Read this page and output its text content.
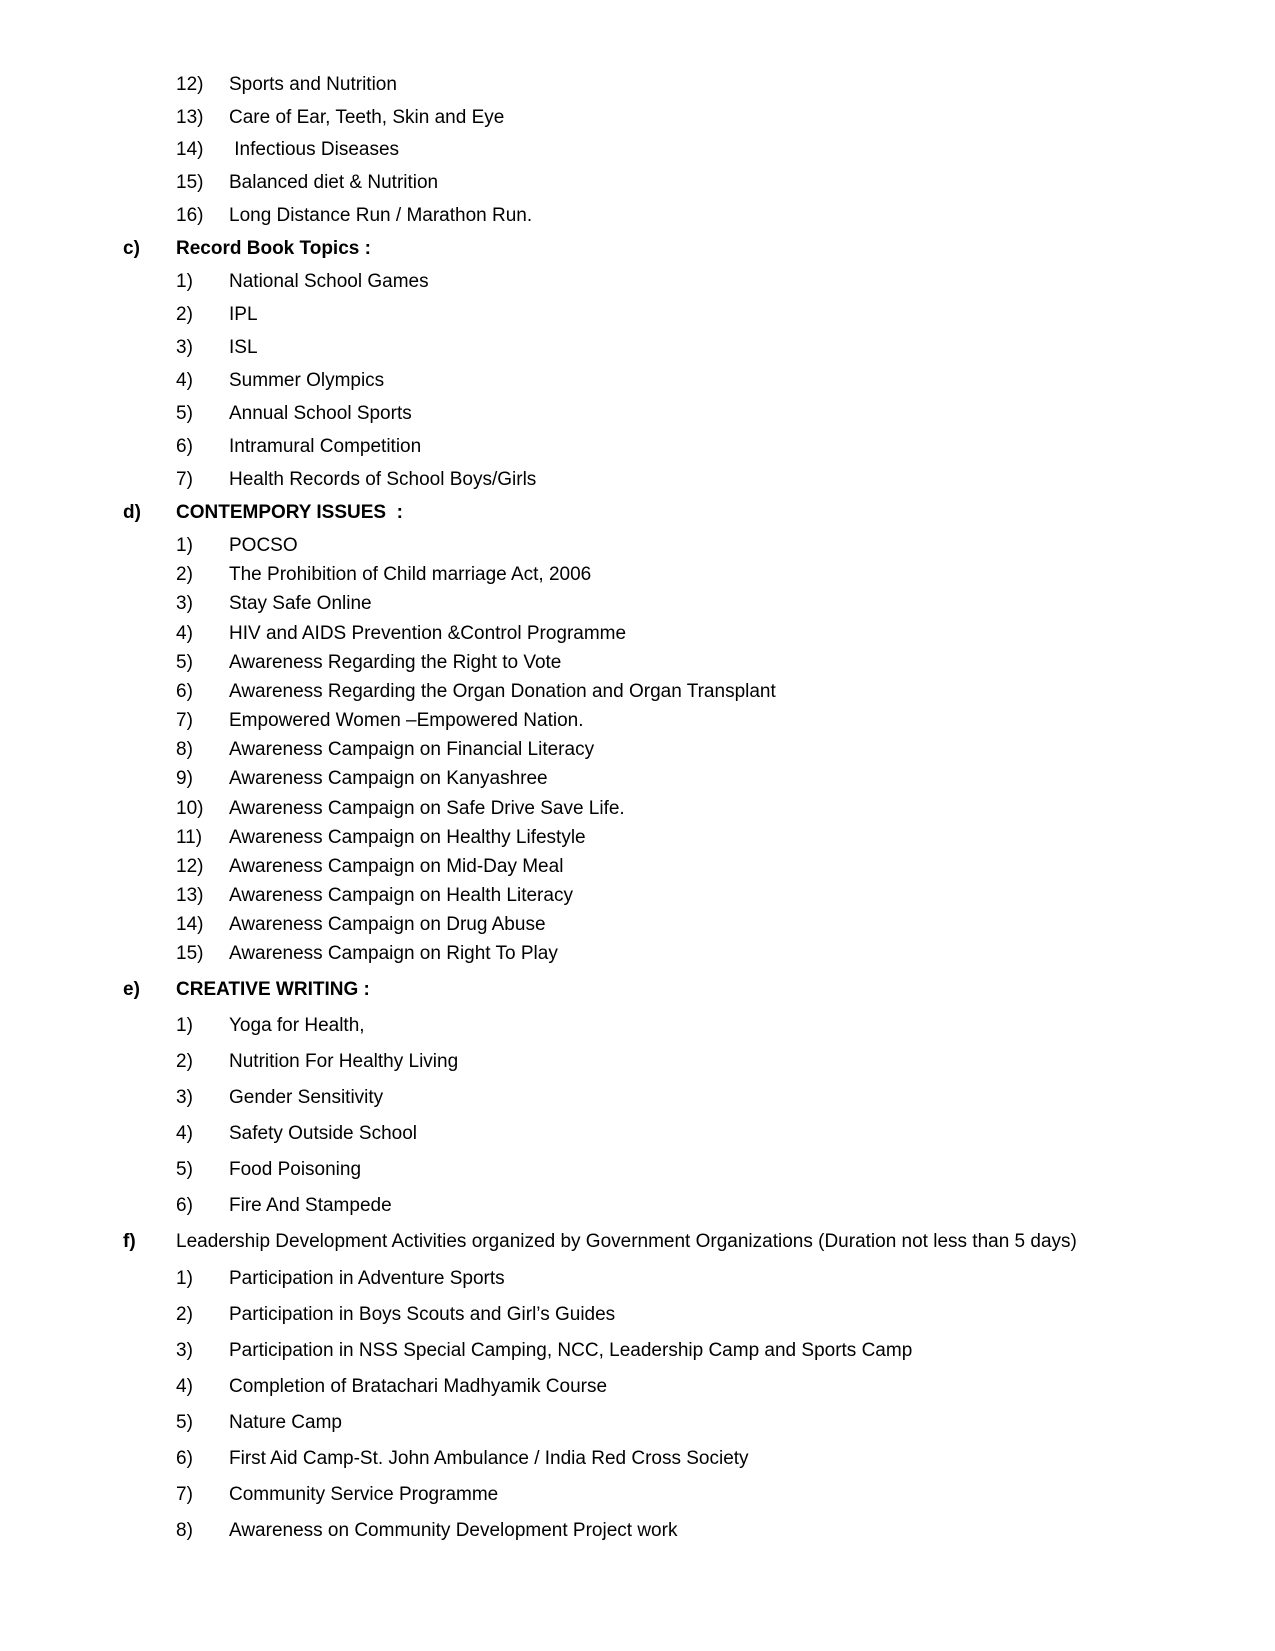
12) Sports and Nutrition
13) Care of Ear, Teeth, Skin and Eye
14) Infectious Diseases
15) Balanced diet & Nutrition
16) Long Distance Run / Marathon Run.
c) Record Book Topics :
1) National School Games
2) IPL
3) ISL
4) Summer Olympics
5) Annual School Sports
6) Intramural Competition
7) Health Records of School Boys/Girls
d) CONTEMPORY ISSUES  :
1) POCSO
2) The Prohibition of Child marriage Act, 2006
3) Stay Safe Online
4) HIV and AIDS Prevention &Control Programme
5) Awareness Regarding the Right to Vote
6) Awareness Regarding the Organ Donation and Organ Transplant
7) Empowered Women –Empowered Nation.
8) Awareness Campaign on Financial Literacy
9) Awareness Campaign on Kanyashree
10) Awareness Campaign on Safe Drive Save Life.
11) Awareness Campaign on Healthy Lifestyle
12) Awareness Campaign on Mid-Day Meal
13) Awareness Campaign on Health Literacy
14) Awareness Campaign on Drug Abuse
15) Awareness Campaign on Right To Play
e) CREATIVE WRITING :
1) Yoga for Health,
2) Nutrition For Healthy Living
3) Gender Sensitivity
4) Safety Outside School
5) Food Poisoning
6) Fire And Stampede
f) Leadership Development Activities organized by Government Organizations (Duration not less than 5 days)
1) Participation in Adventure Sports
2) Participation in Boys Scouts and Girl’s Guides
3) Participation in NSS Special Camping, NCC, Leadership Camp and Sports Camp
4) Completion of Bratachari Madhyamik Course
5) Nature Camp
6) First Aid Camp-St. John Ambulance / India Red Cross Society
7) Community Service Programme
8) Awareness on Community Development Project work
